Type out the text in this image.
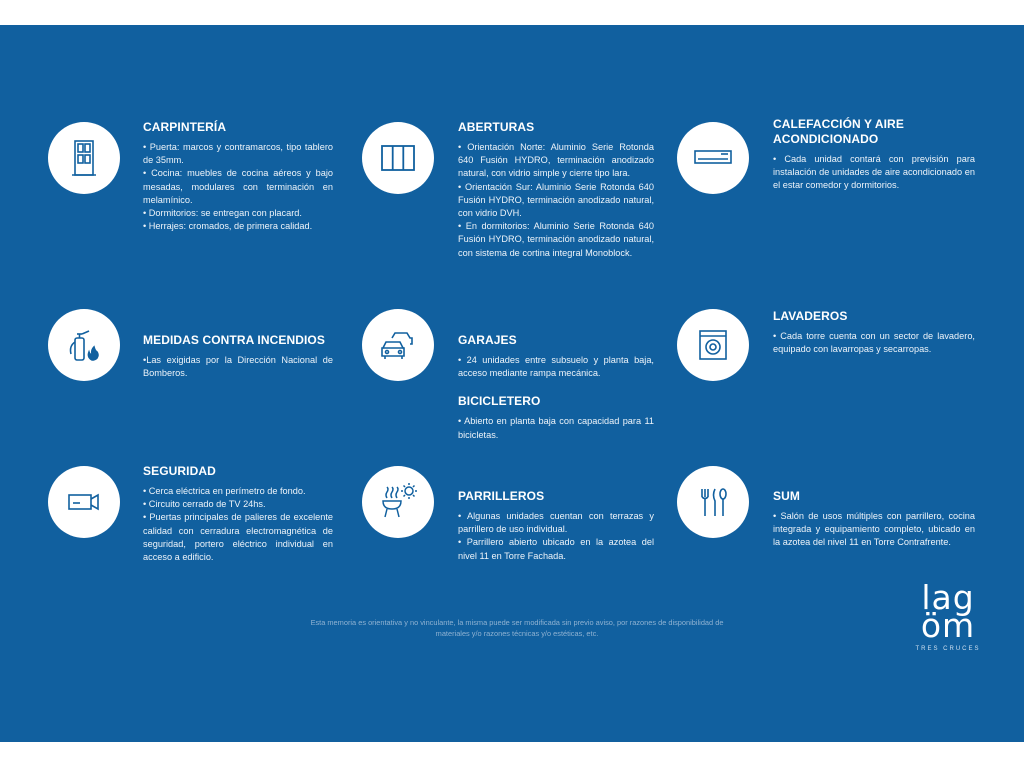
CARPINTERÍA

• Puerta: marcos y contramarcos, tipo tablero de 35mm.

• Cocina: muebles de cocina aéreos y bajo mesadas, modulares con terminación en melamínico.

• Dormitorios: se entregan con placard.

• Herrajes: cromados, de primera calidad.

ABERTURAS

• Orientación Norte: Aluminio Serie Rotonda 640 Fusión HYDRO, terminación anodizado natural, con vidrio simple y cierre tipo lara.

• Orientación Sur: Aluminio Serie Rotonda 640 Fusión HYDRO, terminación anodizado natural, con vidrio DVH.

• En dormitorios: Aluminio Serie Rotonda 640 Fusión HYDRO, terminación anodizado natural, con sistema de cortina integral Monoblock.

CALEFACCIÓN Y AIRE ACONDICIONADO

• Cada unidad contará con previsión para instalación de unidades de aire acondicionado en el estar comedor y dormitorios.

MEDIDAS CONTRA INCENDIOS

•Las exigidas por la Dirección Nacional de Bomberos.

GARAJES

• 24 unidades entre subsuelo y planta baja, acceso mediante rampa mecánica.

BICICLETERO

• Abierto en planta baja con capacidad para 11 bicicletas.

LAVADEROS

• Cada torre cuenta con un sector de lavadero, equipado con lavarropas y secarropas.

SEGURIDAD

• Cerca eléctrica en perímetro de fondo.

• Circuito cerrado de TV 24hs.

• Puertas principales de palieres de excelente calidad con cerradura electromagnética de seguridad, portero eléctrico individual en acceso a edificio.

PARRILLEROS

• Algunas unidades cuentan con terrazas y parrillero de uso individual.

• Parrillero abierto ubicado en la azotea del nivel 11 en Torre Fachada.

SUM

• Salón de usos múltiples con parrillero, cocina integrada y equipamiento completo, ubicado en la azotea del nivel 11 en Torre Contrafrente.

Esta memoria es orientativa y no vinculante, la misma puede ser modificada sin previo aviso, por razones de disponibilidad de materiales y/o razones técnicas y/o estéticas, etc.
lag
öm
TRES CRUCES
